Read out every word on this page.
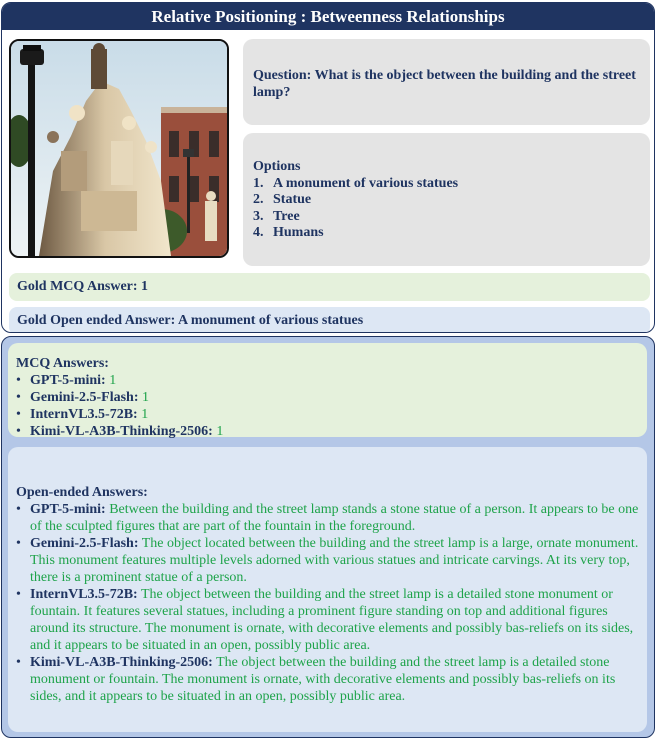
Relative Positioning : Betweenness Relationships
Question: What is the object between the building and the street lamp?
Options
1. A monument of various statues
2. Statue
3. Tree
4. Humans
Gold MCQ Answer: 1
Gold Open ended Answer: A monument of various statues
MCQ Answers:
• GPT-5-mini: 1
• Gemini-2.5-Flash: 1
• InternVL3.5-72B: 1
• Kimi-VL-A3B-Thinking-2506: 1
Open-ended Answers:
• GPT-5-mini: Between the building and the street lamp stands a stone statue of a person. It appears to be one of the sculpted figures that are part of the fountain in the foreground.
• Gemini-2.5-Flash: The object located between the building and the street lamp is a large, ornate monument. This monument features multiple levels adorned with various statues and intricate carvings. At its very top, there is a prominent statue of a person.
• InternVL3.5-72B: The object between the building and the street lamp is a detailed stone monument or fountain. It features several statues, including a prominent figure standing on top and additional figures around its structure. The monument is ornate, with decorative elements and possibly bas-reliefs on its sides, and it appears to be situated in an open, possibly public area.
• Kimi-VL-A3B-Thinking-2506: The object between the building and the street lamp is a detailed stone monument or fountain. The monument is ornate, with decorative elements and possibly bas-reliefs on its sides, and it appears to be situated in an open, possibly public area.
